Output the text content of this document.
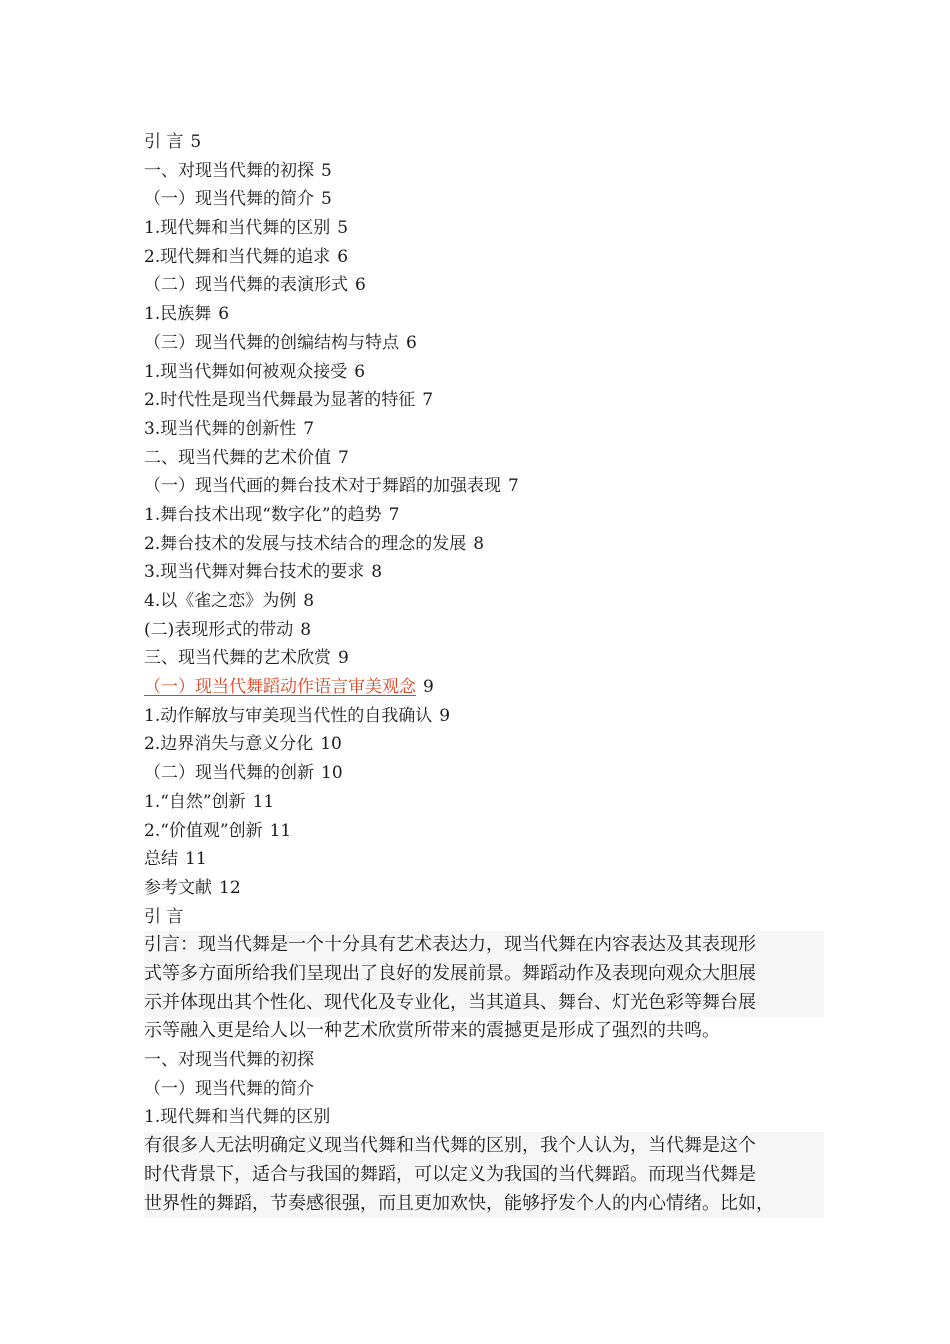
引 言 5
一、对现当代舞的初探 5
（一）现当代舞的简介 5
1.现代舞和当代舞的区别 5
2.现代舞和当代舞的追求 6
（二）现当代舞的表演形式 6
1.民族舞 6
（三）现当代舞的创编结构与特点 6
1.现当代舞如何被观众接受 6
2.时代性是现当代舞最为显著的特征 7
3.现当代舞的创新性 7
二、现当代舞的艺术价值 7
（一）现当代画的舞台技术对于舞蹈的加强表现 7
1.舞台技术出现“数字化”的趋势 7
2.舞台技术的发展与技术结合的理念的发展 8
3.现当代舞对舞台技术的要求 8
4.以《雀之恋》为例 8
(二)表现形式的带动 8
三、现当代舞的艺术欣赏 9
（一）现当代舞蹈动作语言审美观念 9
1.动作解放与审美现当代性的自我确认 9
2.边界消失与意义分化 10
（二）现当代舞的创新 10
1.“自然”创新 11
2.“价值观”创新 11
总结 11
参考文献 12
引 言

引言：现当代舞是一个十分具有艺术表达力，现当代舞在内容表达及其表现形
式等多方面所给我们呈现出了良好的发展前景。舞蹈动作及表现向观众大胆展
示并体现出其个性化、现代化及专业化，当其道具、舞台、灯光色彩等舞台展
示等融入更是给人以一种艺术欣赏所带来的震撼更是形成了强烈的共鸣。

一、对现当代舞的初探
（一）现当代舞的简介
1.现代舞和当代舞的区别

有很多人无法明确定义现当代舞和当代舞的区别，我个人认为，当代舞是这个
时代背景下，适合与我国的舞蹈，可以定义为我国的当代舞蹈。而现当代舞是
世界性的舞蹈，节奏感很强，而且更加欢快，能够抒发个人的内心情绪。比如，
